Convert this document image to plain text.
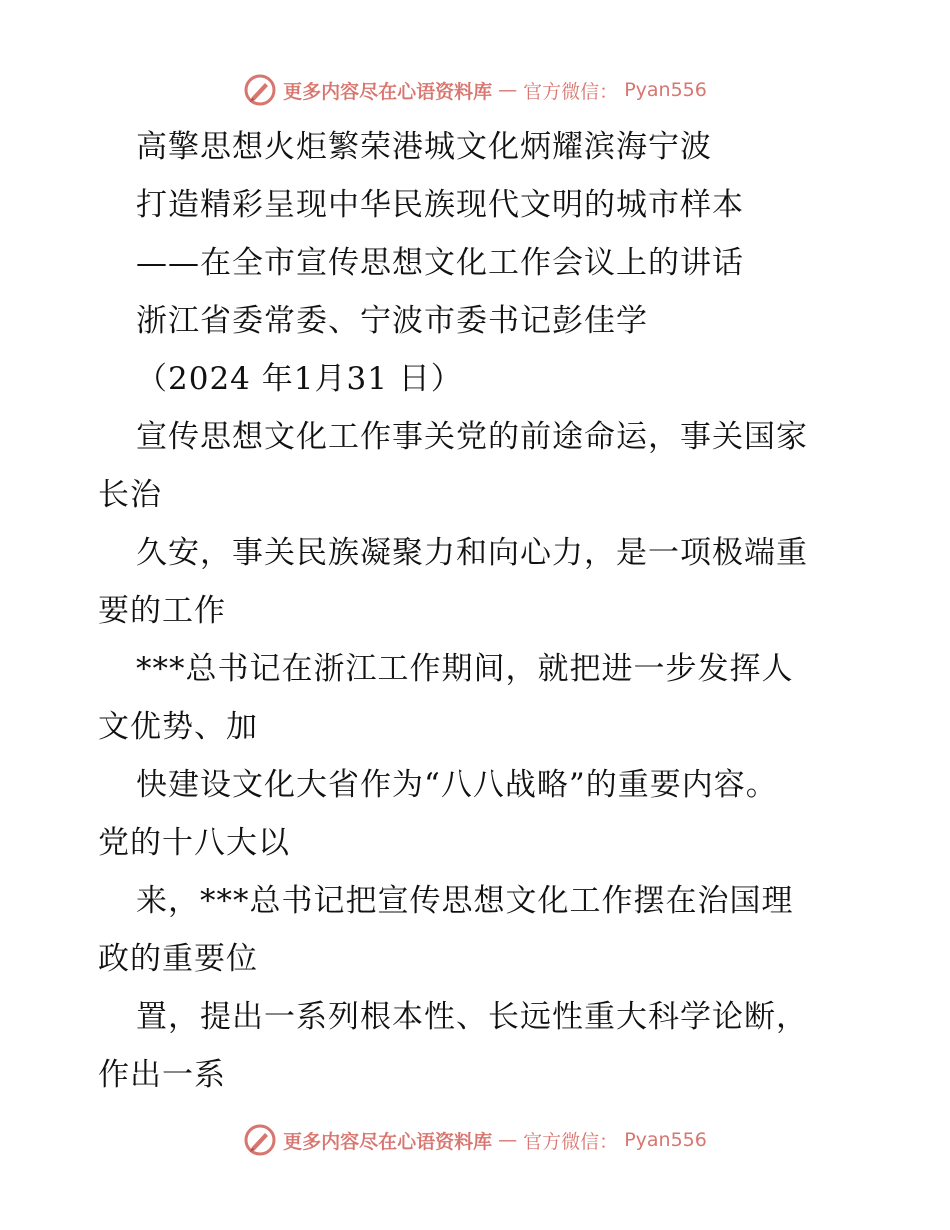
更多内容尽在心语资料库 — 官方微信： Pyan556
高擎思想火炬繁荣港城文化炳耀滨海宁波
打造精彩呈现中华民族现代文明的城市样本
——在全市宣传思想文化工作会议上的讲话
浙江省委常委、宁波市委书记彭佳学
（2024 年1月31 日）
宣传思想文化工作事关党的前途命运，事关国家
长治
久安，事关民族凝聚力和向心力，是一项极端重
要的工作
***总书记在浙江工作期间，就把进一步发挥人
文优势、加
快建设文化大省作为“八八战略”的重要内容。
党的十八大以
来，***总书记把宣传思想文化工作摆在治国理
政的重要位
置，提出一系列根本性、长远性重大科学论断，
作出一系
更多内容尽在心语资料库 — 官方微信： Pyan556
